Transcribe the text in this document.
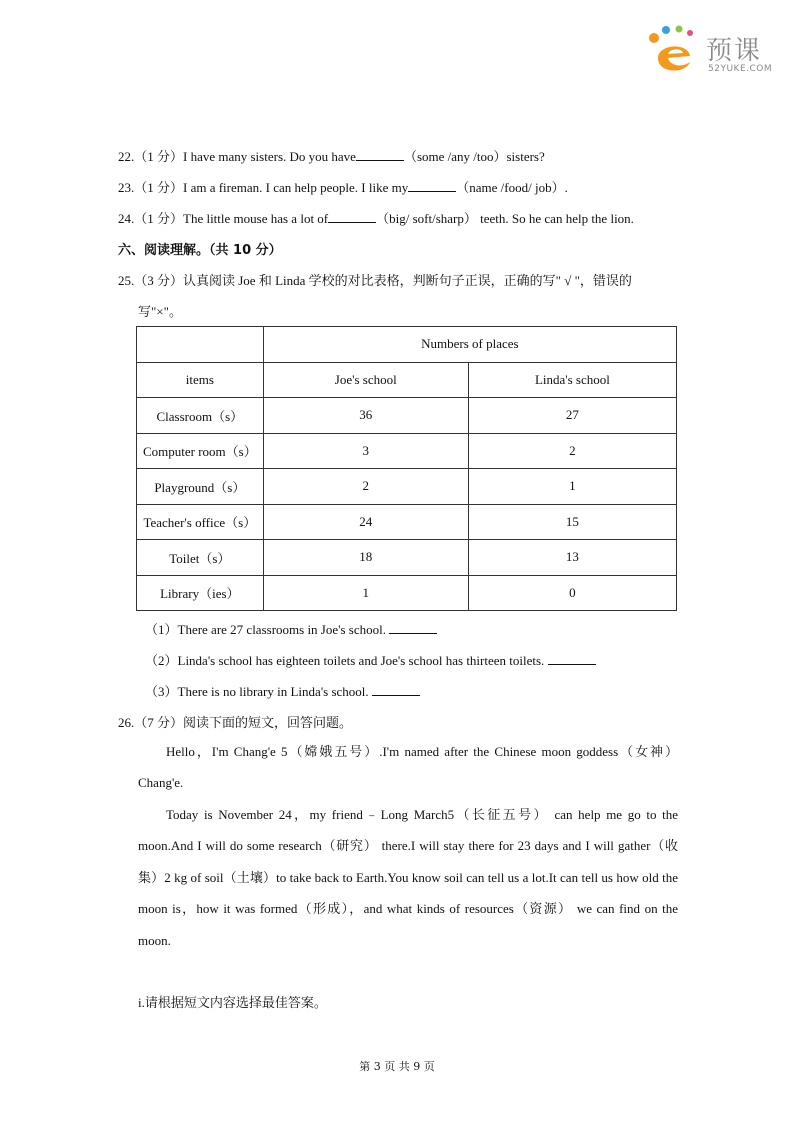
预课
52YUKE.COM
22.（1 分）I have many sisters. Do you have	（some /any /too）sisters?
23.（1 分）I am a fireman. I can help people. I like my	（name /food/ job）.
24.（1 分）The little mouse has a lot of	（big/ soft/sharp） teeth. So he can help the lion.
六、阅读理解。（共 10 分）
25.（3 分）认真阅读 Joe 和 Linda 学校的对比表格，判断句子正误，正确的写" √ "，错误的
写"×"。
	Numbers of places	
items	Joe's school	Linda's school
Classroom（s）	36	27
Computer room（s）	3	2
Playground（s）	2	1
Teacher's office（s）	24	15
Toilet（s）	18	13
Library（ies）	1	0
（1）There are 27 classrooms in Joe's school.
（2）Linda's school has eighteen toilets and Joe's school has thirteen toilets.
（3）There is no library in Linda's school.
26.（7 分）阅读下面的短文，回答问题。
Hello，I'm Chang'e 5（嫦娥五号）.I'm named after the Chinese moon goddess（女神）Chang'e.
Today is November 24，my friend﹣Long March5（长征五号） can help me go to the moon.And I will do some research（研究） there.I will stay there for 23 days and I will gather（收集）2 kg of soil（土壤）to take back to Earth.You know soil can tell us a lot.It can tell us how old the moon is，how it was formed（形成），and what kinds of resources（资源） we can find on the moon.
i.请根据短文内容选择最佳答案。
第 3 页 共 9 页
